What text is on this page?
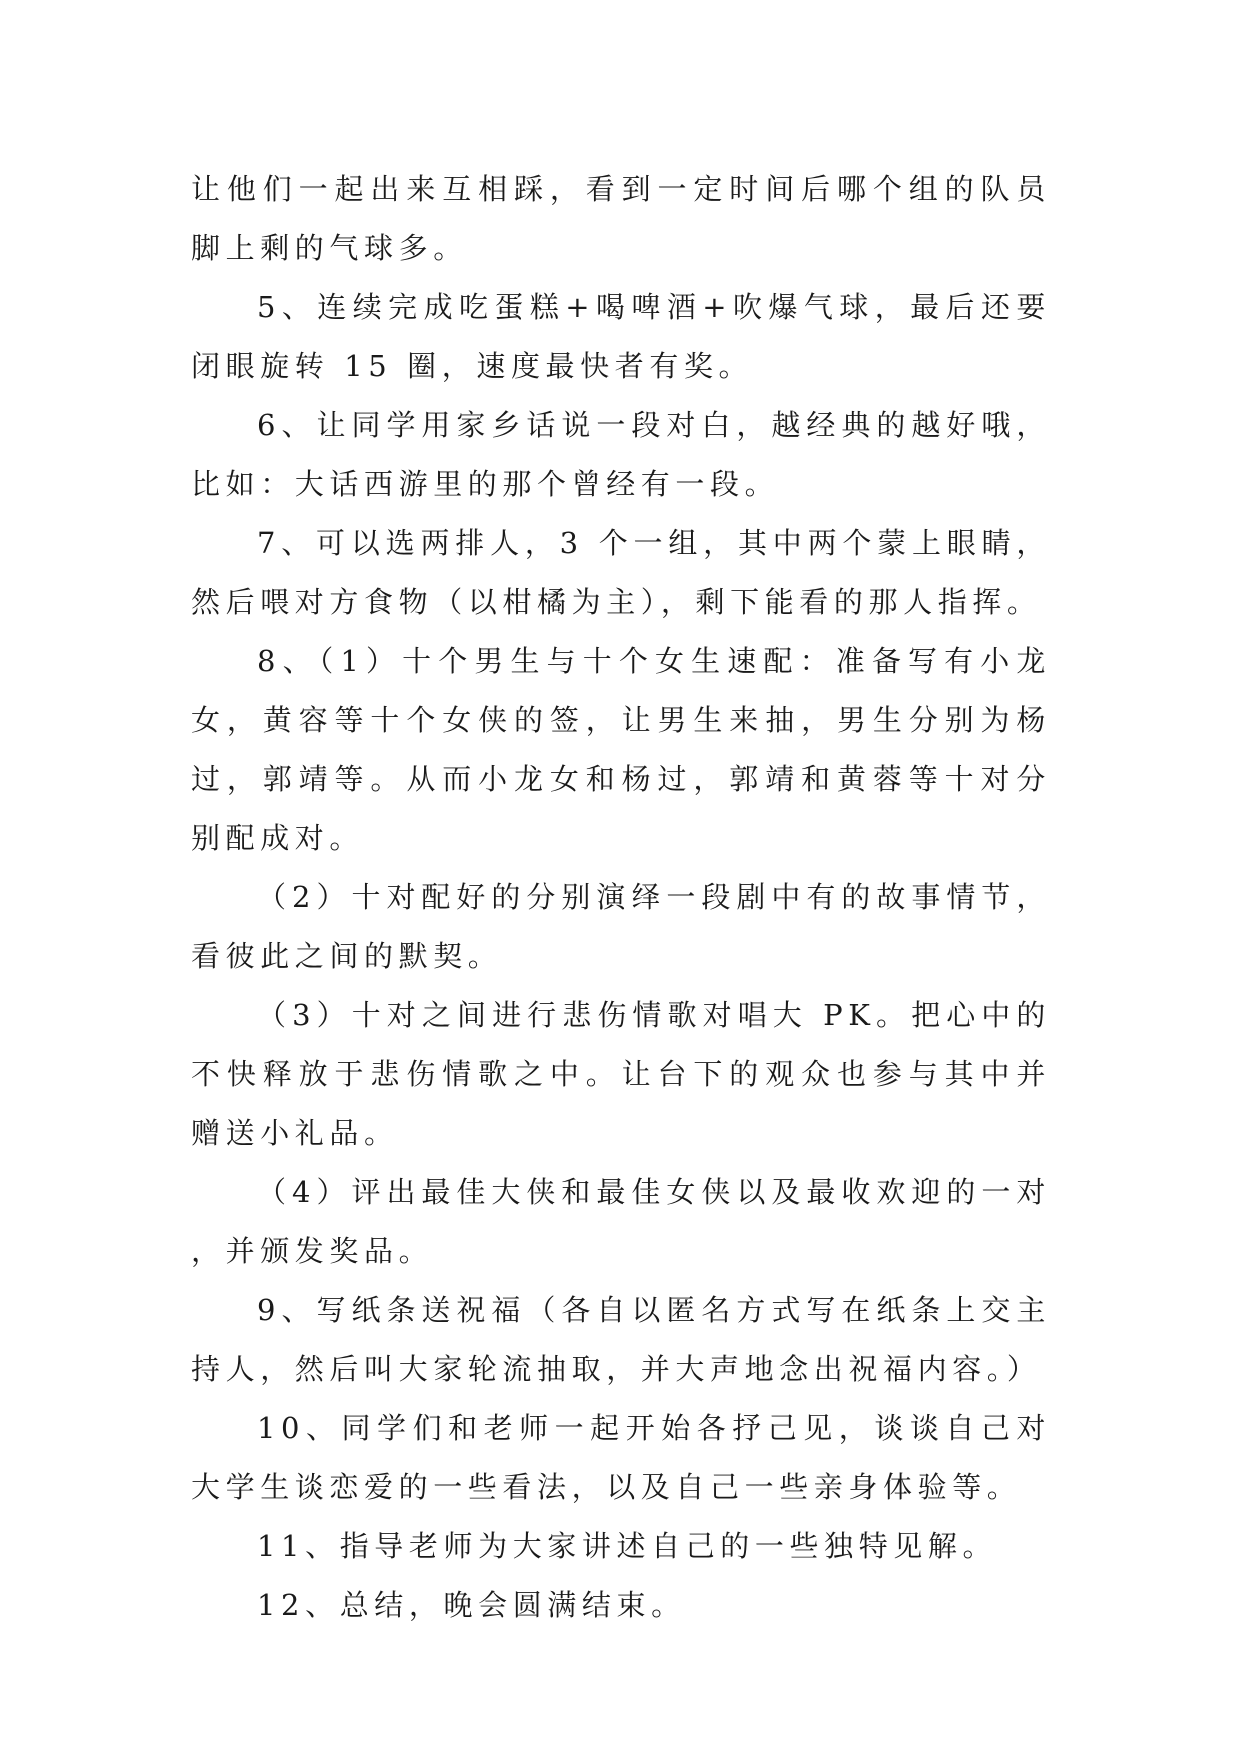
让他们一起出来互相踩，看到一定时间后哪个组的队员脚上剩的气球多。

5、连续完成吃蛋糕+喝啤酒+吹爆气球，最后还要闭眼旋转 15 圈，速度最快者有奖。

6、让同学用家乡话说一段对白，越经典的越好哦，比如：大话西游里的那个曾经有一段。

7、可以选两排人，3 个一组，其中两个蒙上眼睛，然后喂对方食物（以柑橘为主），剩下能看的那人指挥。

8、（1）十个男生与十个女生速配：准备写有小龙女，黄容等十个女侠的签，让男生来抽，男生分别为杨过，郭靖等。从而小龙女和杨过，郭靖和黄蓉等十对分别配成对。

（2）十对配好的分别演绎一段剧中有的故事情节，看彼此之间的默契。

（3）十对之间进行悲伤情歌对唱大 PK。把心中的不快释放于悲伤情歌之中。让台下的观众也参与其中并赠送小礼品。

（4）评出最佳大侠和最佳女侠以及最收欢迎的一对，并颁发奖品。

9、写纸条送祝福（各自以匿名方式写在纸条上交主持人，然后叫大家轮流抽取，并大声地念出祝福内容。）

10、同学们和老师一起开始各抒己见，谈谈自己对大学生谈恋爱的一些看法，以及自己一些亲身体验等。

11、指导老师为大家讲述自己的一些独特见解。

12、总结，晚会圆满结束。
